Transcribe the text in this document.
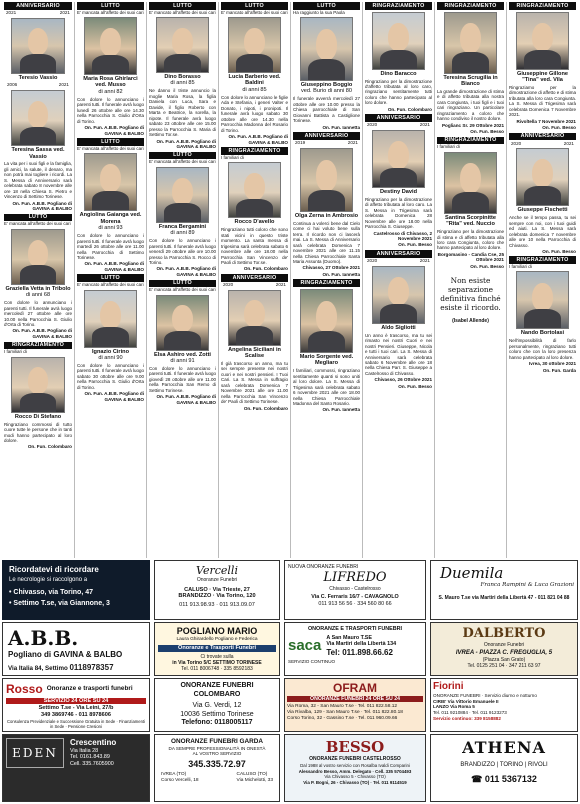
ANNIVERSARIO
2021	2021
Teresio Vassio
2006	2021
Teresina Sassa ved. Vassio
La vita per i suoi figli e la famiglia, gli amici, la salute, il denaro, ma non potrà mai togliere i ricordi. La S. Messa di Anniversario sarà celebrata sabato 8 novembre alle ore 18 nella Chiesa S. Pietro e Vincenzo di Settimo Torinese.
On. Fun. A.B.B. Pogliano di GAVINA & BALBO
LUTTO
E' mancata all'affetto dei suoi cari
Graziella Vetta in Tribolo
di anni 68
Con dolore lo annunciano i parenti tutti. Il funerale avrà luogo mercoledì 27 ottobre alle ore 10.00 nella Parrocchia S. Giulio d'Orta di Torino.
On. Fun. A.B.B. Pogliano di GAVINA & BALBO
RINGRAZIAMENTO
I familiari di
Rocco Di Stefano
Ringraziano commossi di tutto cuore tutte le persone che in tanti modi hanno partecipato al loro dolore.
On. Fun. Colombaro
LUTTO
E' mancata all'affetto dei suoi cari
Maria Rosa Ghirlarci ved. Musso
di anni 82
Con dolore lo annunciano i parenti tutti. Il funerale avrà luogo lunedì 26 ottobre alle ore 14.30 nella Parrocchia S. Giulio d'Orta di Torino.
On. Fun. A.B.B. Pogliano di GAVINA & BALBO
LUTTO
E' mancata all'affetto dei suoi cari
Angiolina Gaianga ved. Morena
di anni 93
Con dolore lo annunciano i parenti tutti. Il funerale avrà luogo martedì 26 ottobre alle ore 11.00 nella Parrocchia di Settimo Torinese.
On. Fun. A.B.B. Pogliano di GAVINA & BALBO
LUTTO
E' mancato all'affetto dei suoi cari
Ignazio Cirino
di anni 90
Con dolore lo annunciano i parenti tutti. Il funerale avrà luogo sabato 30 ottobre alle ore 9.00 nella Parrocchia S. Giulio d'Orta di Torino.
On. Fun. A.B.B. Pogliano di GAVINA & BALBO
LUTTO
E' mancato all'affetto dei suoi cari
Dino Borasso
di anni 85
Ne danno il triste annuncio la moglie Maria Rosa, la figlia Daniela con Luca, Sara e Davide, il figlio Roberto con Marta e Beatrice, la sorella, la nipote. Il funerale avrà luogo sabato 23 ottobre alle ore 15.00 presso la Parrocchia S. Maria di Settimo Tor.se.
On. Fun. A.B.B. Pogliano di GAVINA & BALBO
LUTTO
E' mancata all'affetto dei suoi cari
Franca Bergamini
di anni 89
Con dolore lo annunciano i parenti tutti. Il funerale avrà luogo venerdì 29 ottobre alle ore 10.00 presso la Parrocchia S. Rocco di Torino.
On. Fun. A.B.B. Pogliano di GAVINA & BALBO
LUTTO
E' mancata all'affetto dei suoi cari
Elsa Ashiro ved. Zotti
di anni 91
Con dolore lo annunciano i parenti tutti. Il funerale avrà luogo giovedì 28 ottobre alle ore 11.00 nella Parrocchia San Remo di Settimo Torinese.
On. Fun. A.B.B. Pogliano di GAVINA & BALBO
LUTTO
E' mancato all'affetto dei suoi cari
Lucia Barberio ved. Baldini
di anni 85
Con dolore lo annunciano le figlie Ada e Stefania, i generi Valter e Donato, i nipoti, i pronipoti. Il funerale avrà luogo sabato 30 ottobre alle ore 14.30 nella Parrocchia Madonna del Rosario di Torino.
On. Fun. A.B.B. Pogliano di GAVINA & BALBO
RINGRAZIAMENTO
I familiari di
Rocco D'avello
Ringraziano tutti coloro che sono stati vicini in questo triste momento. La santa messa di trigesima sarà celebrata sabato 6 novembre alle ore 18.00 nella Parrocchia San Vincenzo de' Paoli di Settimo Tor.se.
On. Fun. Colombaro
ANNIVERSARIO
2020	2021
Angelina Siciliani in Scalise
Il già trascorso un anno, ma tu sei sempre presente nei nostri cuori e nei nostri pensieri. I Tuoi Cari. La S. Messa in suffragio sarà celebrata Domenica 7 Novembre 2021 alle ore 11.00 nella Parrocchia San Vincenzo de' Paoli di Settimo Torinese.
On. Fun. Colombaro
LUTTO
Ha raggiunto la sua Paola
Giuseppino Boggio
ved. Burio di anni 80
Il funerale avverrà mercoledì 27 ottobre alle ore 10.00 presso la Chiesa parrocchiale di San Giovanni Battista a Castiglione Torinese.
On. Fun. Iannetta
ANNIVERSARIO
2019	2021
Olga Zerna in Ambrosio
Continua a volerci bene dal Cielo come ci hai voluto bene sulla terra. Il ricordo non ci lascerà mai. La S. Messa di Anniversario sarà celebrata Domenica 7 novembre 2021 alle ore 11.15 nella Chiesa Parrocchiale Santa Maria Assunta (Duomo).
Chivasso, 27 Ottobre 2021
On. Fun. Iannetta
RINGRAZIAMENTO
Mario Sorgente ved. Megliaro
I familiari, commossi, ringraziano sentitamente quanti si sono uniti al loro dolore. La S. Messa di Trigesima sarà celebrata sabato 6 novembre 2021 alle ore 18.00 nella Chiesa Parrocchiale Madonna del Santo Rosario.
On. Fun. Iannetta
RINGRAZIAMENTO
Dino Baracco
Ringraziano per la dimostrazione d'affetto tributata al loro caro, ringraziano sentitamente tutti coloro che hanno partecipato al loro dolore.
On. Fun. Colombaro
ANNIVERSARIO
2020	2021
Destiny David
Ringraziano per la dimostrazione di affetto tributata al loro caro. La S. Messa in Trigesima sarà celebrata Domenica 28 Novembre alle ore 18.00 nella Parrocchia S. Giuseppe.
Castelrosso di Chivasso, 2 Novembre 2021
On. Fun. Besso
ANNIVERSARIO
2020	2021
Aldo Sigliotti
Un anno è trascorso, ma tu sei rimasto nei nostri Cuori e nei nostri Pensieri. Giuseppe, Nicola e tutti i tuoi cari. La S. Messa di Anniversario sarà celebrata sabato 6 Novembre alle ore 18 nella Chiesa Parr. S. Giuseppe a Castelrosso di Chivasso.
Chivasso, 26 Ottobre 2021
On. Fun. Besso
RINGRAZIAMENTO
Teresina Scrugilia in Bianco
La grande dimostrazione di stima e di affetto tributata alla nostra cara Congiunta, i tuoi figli e i tuoi cari ringraziano. Un particolare ringraziamento a coloro che hanno condiviso il nostro dolore.
Poglianc Sr. 29 Ottobre 2021
On. Fun. Besso
RINGRAZIAMENTO
I familiari di
Santina Scorpinitte "Rita" ved. Nuccio
Ringraziano per la dimostrazione di stima e di affetto tributata alla loro cara Congiunta, coloro che hanno partecipato al loro dolore.
Borgomasino - Candia Cse, 25 Ottobre 2021
On. Fun. Besso
Non esiste separazione definitiva finché esiste il ricordo.
(Isabel Allende)
RINGRAZIAMENTO
Giuseppine Gillone "Tina" ved. Vila
Ringraziamo per la dimostrazione di affetto e di stima tributata alla loro cara Congiunta. La S. Messa di Trigesima sarà celebrata Domenica 7 Novembre 2021.
Rivoltella 7 Novembre 2021
On. Fun. Besso
ANNIVERSARIO
2020	2021
Giuseppe Fischetti
Anche se il tempo passa, tu sei sempre con noi, con i tuoi guidi ed aiuti. La S. Messa sarà celebrata domenica 7 novembre alle ore 10 nella Parrocchia di Chivasso.
On. Fun. Besso
RINGRAZIAMENTO
I familiari di
Nando Bortolasi
Nell'impossibilità di farlo personalmente, ringraziano tutti coloro che con la loro presenza hanno partecipato al loro dolore.
Ivrea, 30 ottobre 2021
On. Fun. Garda
Ricordatevi di ricordare
Le necrologie si raccolgono a
• Chivasso, via Torino, 47
• Settimo T.se, via Giannone, 3
Vercelli
Onoranze Funebri
CALUSO · Via Trieste, 27
BRANDIZZO · Via Torino, 120
011 913.98.93 · 011 913.09.07
NUOVA ONORANZE FUNEBRI
LIFREDO
Chivasso - Castelrosso
Via C. Ferraris 16/7 - CAVAGNOLO
011 913 56 56 · 334 560 80 66
Duemila
Franca Rampini & Luca Grazioni
S. Mauro T.se via Martiri della Libertà 47 - 011 821 04 88
A.B.B.
Pogliano di GAVINA & BALBO
Via Italia 84, Settimo 0118978357
POGLIANO MARIO
Laura Ghirardello Pogliano e Federica
Onoranze e Trasporti Funebri
Ci trovate sulla
in Via Torino 5/C SETTIMO TORINESE
Tel. 011 8006748 · 335 8592183
ONORANZE E TRASPORTI FUNEBRI
saca A San Mauro T.SE
Via Martiri della Libertà 134
Tel: 011.898.66.62
SERVIZIO CONTINUO
DALBERTO
Onoranze Funebri
IVREA - PIAZZA C. FREGUGLIA, 5
(Piazza San Grato)
Tel. 0125 251 04 · 347 211 63 97
Rosso Onoranze e trasporti funebri
SERVIZIO 24 ORE SU 24
Settimo T.se - Via Leini, 27/b
349 3869746 - 011 8978606
Consulenza Previdenziale e Successione Gratuita in Sede · Finanziamenti in Sede · Pensione Cresioni
ONORANZE FUNEBRI COLOMBARO
Via G. Verdi, 12
10036 Settimo Torinese
Telefono: 0118005117
OFRAM
ONORANZE FUNEBRI 24 ORE SU 24
Via Roma, 32 - San Mauro T.se · Tel. 011 822.58.12
Via Rivalba, 129 - San Mauro T.se · Tel. 011 822.80.18
Corso Torino, 32 - Gassino T.se · Tel. 011 960.09.66
Fiorini
ONORANZE FUNEBRI · Servizio diurno e notturno
CIRIE' Via Vittorio Emanuele II
LANZO Via Roma 5
Tel. 011 9210884 · Tel. 011 9123273
Servizio continuo: 339 8158882
EDEN
Crescentino
Via Italia 28
Tel. 0161.843.89
Cell. 335.7605900
ONORANZE FUNEBRI GARDA
DA SEMPRE PROFESSIONALITÀ IN ONESTÀ
AL VOSTRO SERVIZIO
345.335.72.97
IVREA (TO)
Corso Vercelli, 18
CALUSO (TO)
Via Michelotti, 33
BESSO
ONORANZE FUNEBRI CASTELROSSO
Dal 1988 al vostro servizio con Rosalba Ivaldi Comparini
Alessandro Besso, Amm. Delegato · Cell. 335 5704493
Via Chivasso 5 - Chivasso (TO)
Via P. Bogni, 26 - Chivasso (TO) · Tel. 011 9114519
ATHENA
BRANDIZZO | TORINO | RIVOLI
☎ 011 5367132
